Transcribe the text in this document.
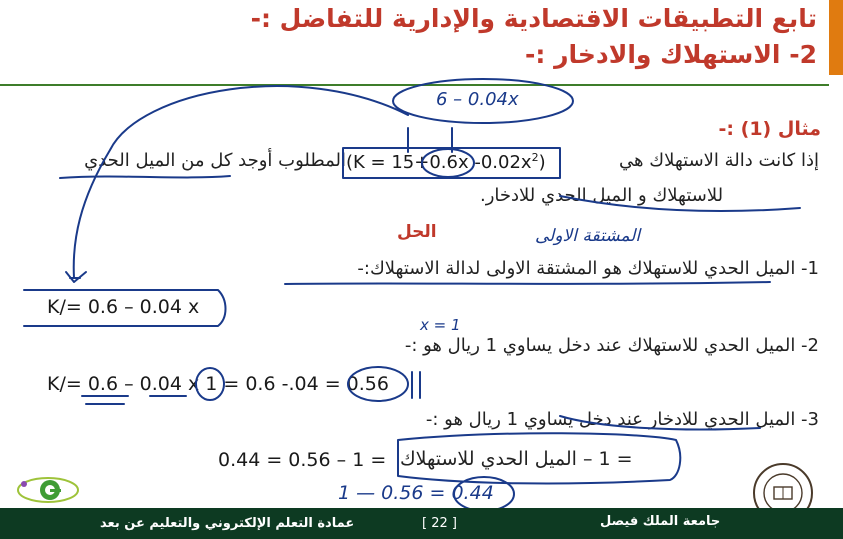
تابع التطبيقات الاقتصادية والإدارية للتفاضل :-
2- الاستهلاك والادخار :-
مثال (1) :-
إذا كانت دالة الاستهلاك هي
(K = 15+0.6x $-0.02x^2$)
المطلوب أوجد كل من الميل الحدي
للاستهلاك و الميل الحدي للادخار.
الحل
1- الميل الحدي للاستهلاك هو المشتقة الاولى لدالة الاستهلاك:-
K/= 0.6 – 0.04 x
2- الميل الحدي للاستهلاك عند دخل يساوي 1 ريال هو :-
K/= 0.6 – 0.04 x 1 = 0.6 -.04 = 0.56
3- الميل الحدي للادخار عند دخل يساوي 1 ريال هو :-
= 1 – الميل الحدي للاستهلاك
0.44 = 0.56 – 1 =
6 – 0.04x
x = 1
المشتقة الاولى
1 — 0.56 = 0.44
عمادة التعلم الإلكتروني والتعليم عن بعد	[ 22 ]	جامعة الملك فيصل
